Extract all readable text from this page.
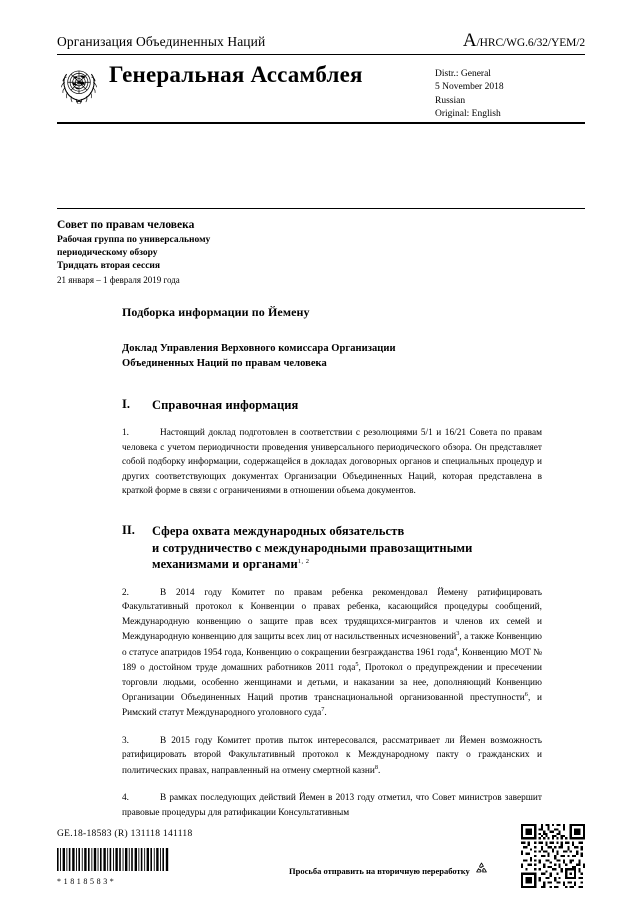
Организация Объединенных Наций	A/HRC/WG.6/32/YEM/2
Генеральная Ассамблея	Distr.: General
5 November 2018
Russian
Original: English
Совет по правам человека
Рабочая группа по универсальному
периодическому обзору
Тридцать вторая сессия
21 января – 1 февраля 2019 года
Подборка информации по Йемену
Доклад Управления Верховного комиссара Организации
Объединенных Наций по правам человека
I.	Справочная информация
1.	Настоящий доклад подготовлен в соответствии с резолюциями 5/1 и 16/21 Совета по правам человека с учетом периодичности проведения универсального периодического обзора. Он представляет собой подборку информации, содержащейся в докладах договорных органов и специальных процедур и других соответствующих документах Организации Объединенных Наций, которая представлена в краткой форме в связи с ограничениями в отношении объема документов.
II.	Сфера охвата международных обязательств
и сотрудничество с международными правозащитными
механизмами и органами$^{1, 2}$
2.	В 2014 году Комитет по правам ребенка рекомендовал Йемену ратифицировать Факультативный протокол к Конвенции о правах ребенка, касающийся процедуры сообщений, Международную конвенцию о защите прав всех трудящихся-мигрантов и членов их семей и Международную конвенцию для защиты всех лиц от насильственных исчезновений$^3$, а также Конвенцию о статусе апатридов 1954 года, Конвенцию о сокращении безгражданства 1961 года$^4$, Конвенцию МОТ № 189 о достойном труде домашних работников 2011 года$^5$, Протокол о предупреждении и пресечении торговли людьми, особенно женщинами и детьми, и наказании за нее, дополняющий Конвенцию Организации Объединенных Наций против транснациональной организованной преступности$^6$, и Римский статут Международного уголовного суда$^7$.
3.	В 2015 году Комитет против пыток интересовался, рассматривает ли Йемен возможность ратифицировать второй Факультативный протокол к Международному пакту о гражданских и политических правах, направленный на отмену смертной казни$^8$.
4.	В рамках последующих действий Йемен в 2013 году отметил, что Совет министров завершит правовые процедуры для ратификации Консультативным
GE.18-18583 (R) 131118 141118
*1818583*
Просьба отправить на вторичную переработку
